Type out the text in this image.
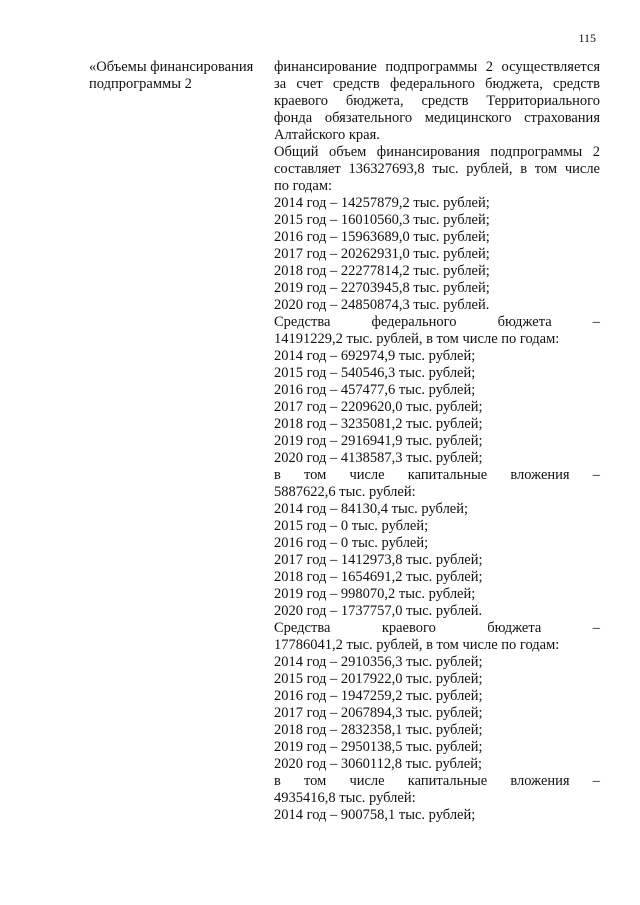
115
«Объемы финансирования
подпрограммы 2
финансирование подпрограммы 2 осуществляется
за счет средств федерального бюджета, средств
краевого бюджета, средств Территориального
фонда обязательного медицинского страхования
Алтайского края.
Общий объем финансирования подпрограммы 2
составляет 136327693,8 тыс. рублей, в том числе
по годам:
2014 год – 14257879,2 тыс. рублей;
2015 год – 16010560,3 тыс. рублей;
2016 год – 15963689,0 тыс. рублей;
2017 год – 20262931,0 тыс. рублей;
2018 год – 22277814,2 тыс. рублей;
2019 год – 22703945,8 тыс. рублей;
2020 год – 24850874,3 тыс. рублей.
Средства федерального бюджета –
14191229,2 тыс. рублей, в том числе по годам:
2014 год – 692974,9 тыс. рублей;
2015 год – 540546,3 тыс. рублей;
2016 год – 457477,6 тыс. рублей;
2017 год – 2209620,0 тыс. рублей;
2018 год – 3235081,2 тыс. рублей;
2019 год – 2916941,9 тыс. рублей;
2020 год – 4138587,3 тыс. рублей;
в том числе капитальные вложения –
5887622,6 тыс. рублей:
2014 год – 84130,4 тыс. рублей;
2015 год – 0 тыс. рублей;
2016 год – 0 тыс. рублей;
2017 год – 1412973,8 тыс. рублей;
2018 год – 1654691,2 тыс. рублей;
2019 год – 998070,2 тыс. рублей;
2020 год – 1737757,0 тыс. рублей.
Средства краевого бюджета –
17786041,2 тыс. рублей, в том числе по годам:
2014 год – 2910356,3 тыс. рублей;
2015 год – 2017922,0 тыс. рублей;
2016 год – 1947259,2 тыс. рублей;
2017 год – 2067894,3 тыс. рублей;
2018 год – 2832358,1 тыс. рублей;
2019 год – 2950138,5 тыс. рублей;
2020 год – 3060112,8 тыс. рублей;
в том числе капитальные вложения –
4935416,8 тыс. рублей:
2014 год – 900758,1 тыс. рублей;
